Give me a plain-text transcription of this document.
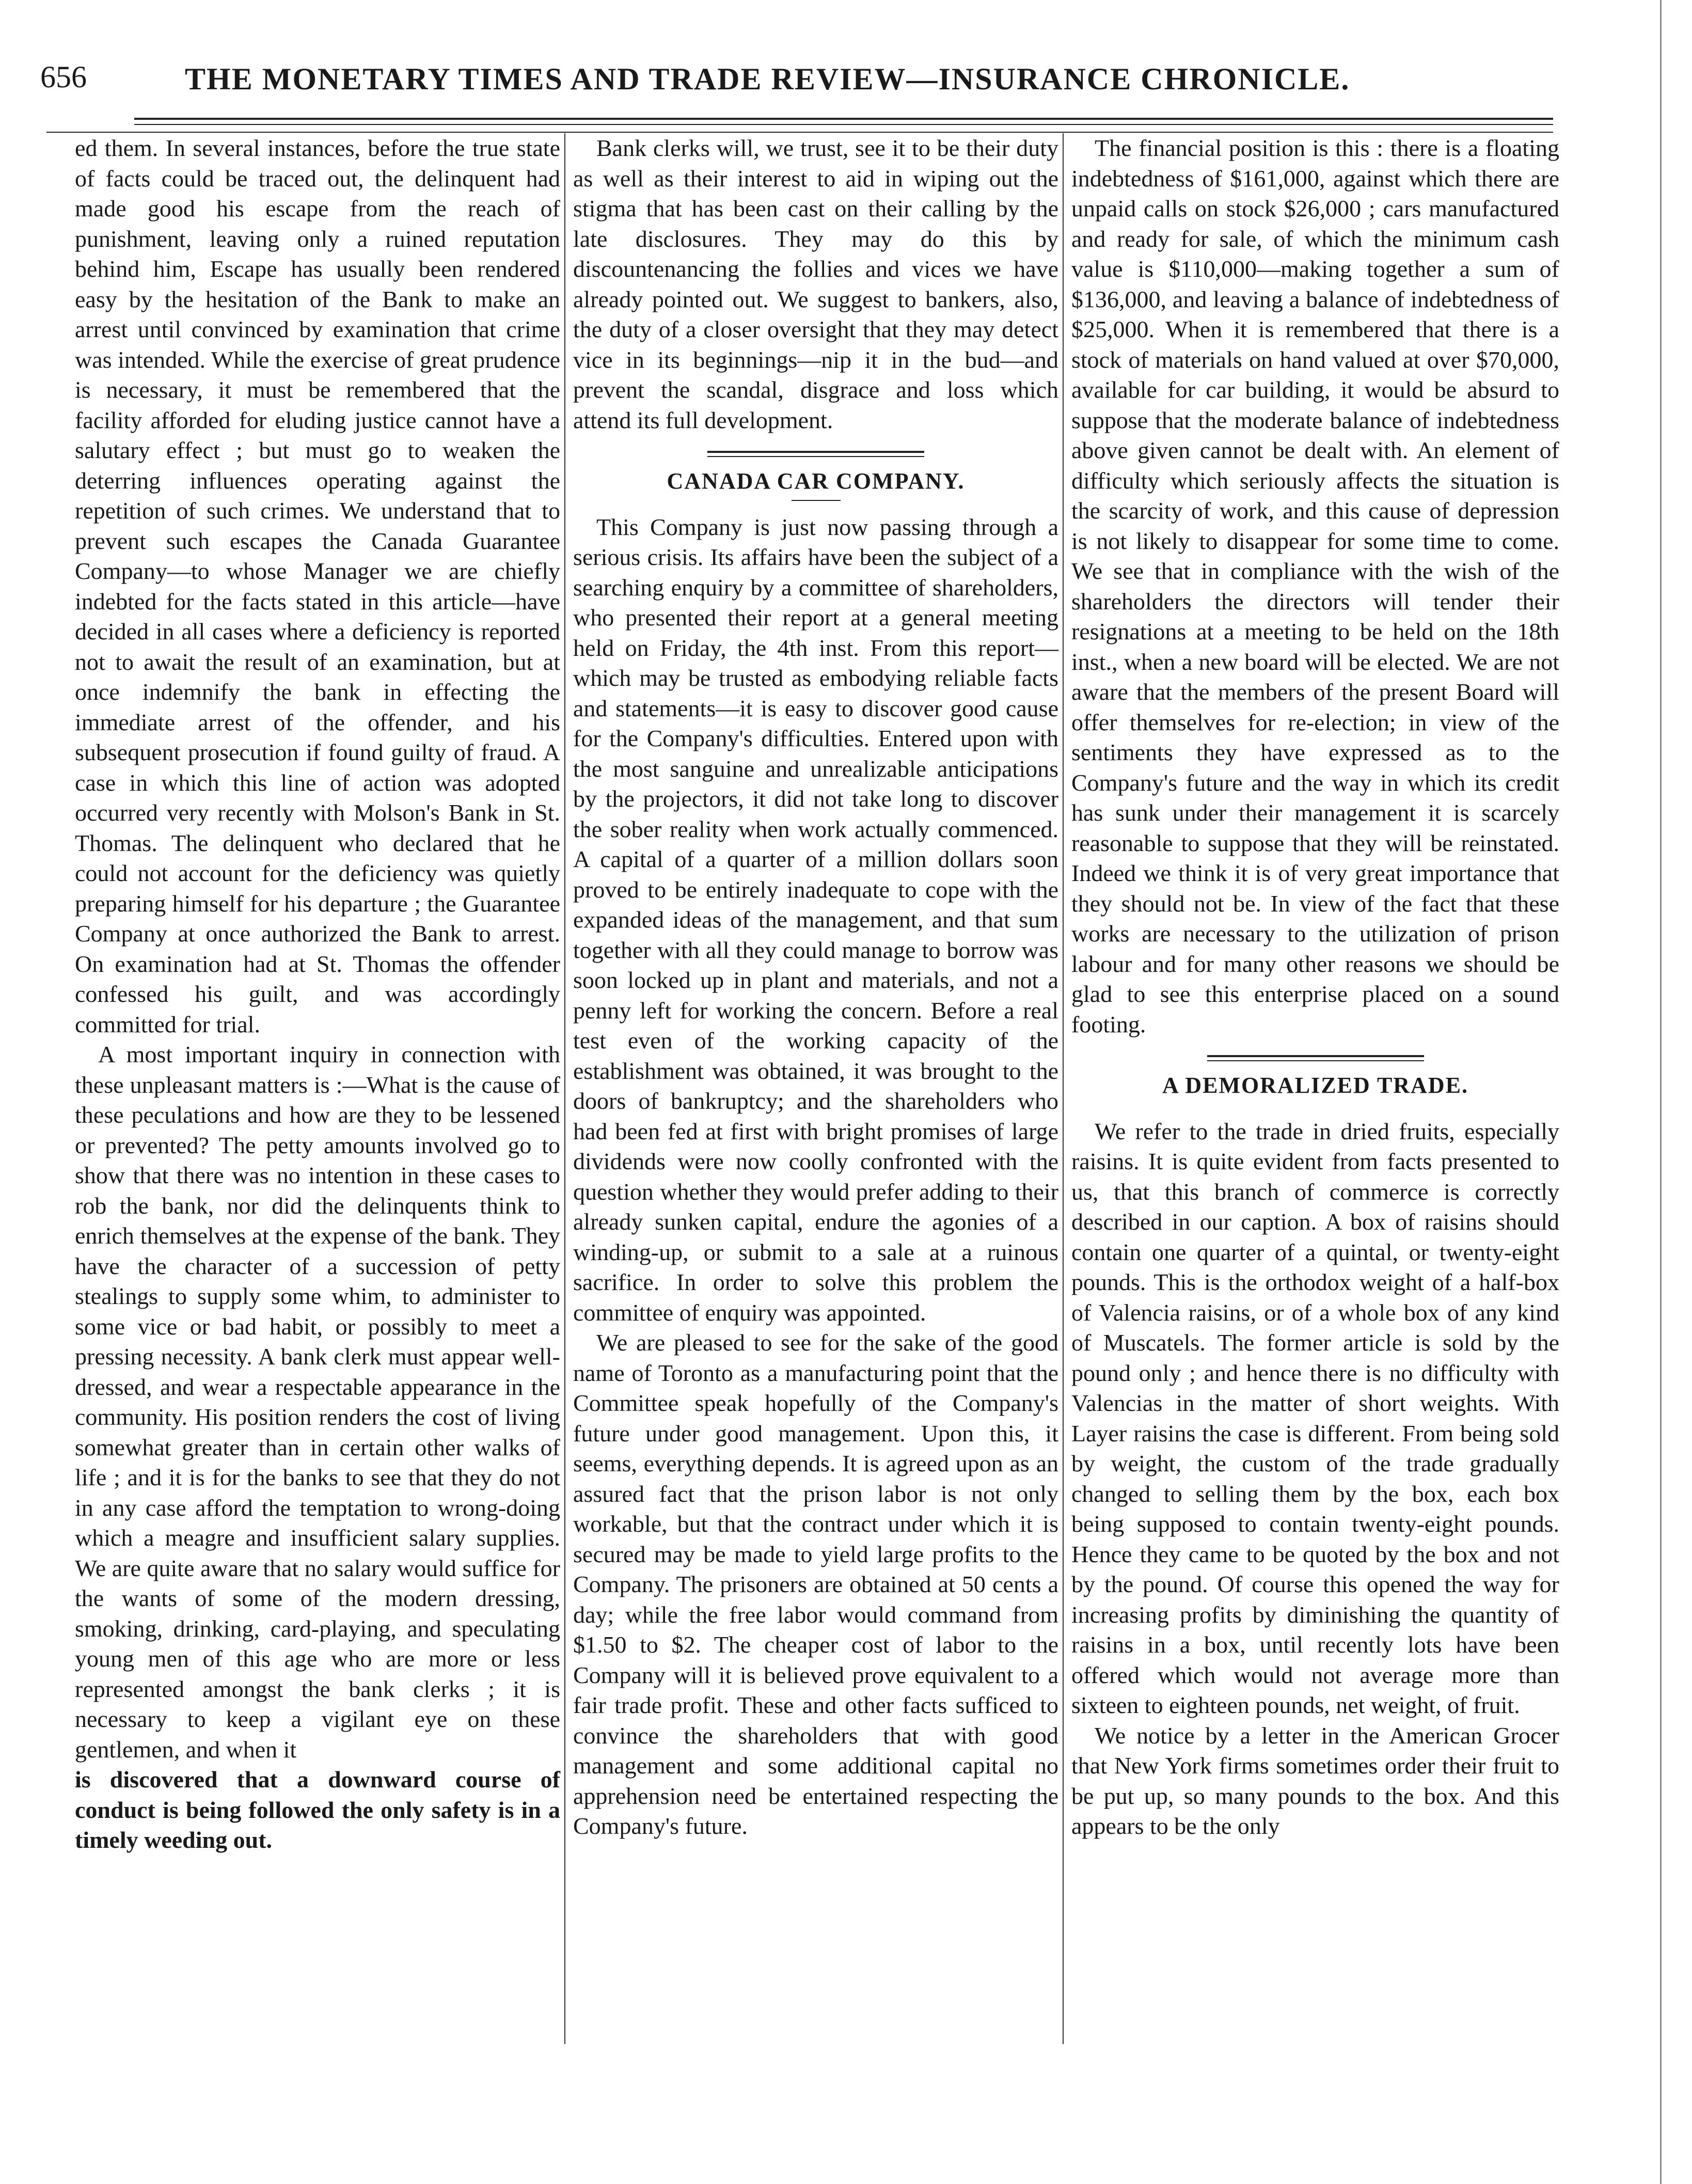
656	THE MONETARY TIMES AND TRADE REVIEW—INSURANCE CHRONICLE.

ed them. In several instances, before the true state of facts could be traced out, the delinquent had made good his escape from the reach of punishment, leaving only a ruined reputation behind him, Escape has usually been rendered easy by the hesitation of the Bank to make an arrest until convinced by examination that crime was intended. While the exercise of great prudence is necessary, it must be remembered that the facility afforded for eluding justice cannot have a salutary effect ; but must go to weaken the deterring influences operating against the repetition of such crimes. We understand that to prevent such escapes the Canada Guarantee Company—to whose Manager we are chiefly indebted for the facts stated in this article—have decided in all cases where a deficiency is reported not to await the result of an examination, but at once indemnify the bank in effecting the immediate arrest of the offender, and his subsequent prosecution if found guilty of fraud. A case in which this line of action was adopted occurred very recently with Molson's Bank in St. Thomas. The delinquent who declared that he could not account for the deficiency was quietly preparing himself for his departure ; the Guarantee Company at once authorized the Bank to arrest. On examination had at St. Thomas the offender confessed his guilt, and was accordingly committed for trial.

A most important inquiry in connection with these unpleasant matters is :—What is the cause of these peculations and how are they to be lessened or prevented? The petty amounts involved go to show that there was no intention in these cases to rob the bank, nor did the delinquents think to enrich themselves at the expense of the bank. They have the character of a succession of petty stealings to supply some whim, to administer to some vice or bad habit, or possibly to meet a pressing necessity. A bank clerk must appear well-dressed, and wear a respectable appearance in the community. His position renders the cost of living somewhat greater than in certain other walks of life ; and it is for the banks to see that they do not in any case afford the temptation to wrong-doing which a meagre and insufficient salary supplies. We are quite aware that no salary would suffice for the wants of some of the modern dressing, smoking, drinking, card-playing, and speculating young men of this age who are more or less represented amongst the bank clerks ; it is necessary to keep a vigilant eye on these gentlemen, and when it

is discovered that a downward course of conduct is being followed the only safety is in a timely weeding out.

Bank clerks will, we trust, see it to be their duty as well as their interest to aid in wiping out the stigma that has been cast on their calling by the late disclosures. They may do this by discountenancing the follies and vices we have already pointed out. We suggest to bankers, also, the duty of a closer oversight that they may detect vice in its beginnings—nip it in the bud—and prevent the scandal, disgrace and loss which attend its full development.

CANADA CAR COMPANY.

This Company is just now passing through a serious crisis. Its affairs have been the subject of a searching enquiry by a committee of shareholders, who presented their report at a general meeting held on Friday, the 4th inst. From this report—which may be trusted as embodying reliable facts and statements—it is easy to discover good cause for the Company's difficulties. Entered upon with the most sanguine and unrealizable anticipations by the projectors, it did not take long to discover the sober reality when work actually commenced. A capital of a quarter of a million dollars soon proved to be entirely inadequate to cope with the expanded ideas of the management, and that sum together with all they could manage to borrow was soon locked up in plant and materials, and not a penny left for working the concern. Before a real test even of the working capacity of the establishment was obtained, it was brought to the doors of bankruptcy; and the shareholders who had been fed at first with bright promises of large dividends were now coolly confronted with the question whether they would prefer adding to their already sunken capital, endure the agonies of a winding-up, or submit to a sale at a ruinous sacrifice. In order to solve this problem the committee of enquiry was appointed.

We are pleased to see for the sake of the good name of Toronto as a manufacturing point that the Committee speak hopefully of the Company's future under good management. Upon this, it seems, everything depends. It is agreed upon as an assured fact that the prison labor is not only workable, but that the contract under which it is secured may be made to yield large profits to the Company. The prisoners are obtained at 50 cents a day; while the free labor would command from $1.50 to $2. The cheaper cost of labor to the Company will it is believed prove equivalent to a fair trade profit. These and other facts sufficed to convince the shareholders that with good management and some additional capital no apprehension need be entertained respecting the Company's future.

The financial position is this : there is a floating indebtedness of $161,000, against which there are unpaid calls on stock $26,000 ; cars manufactured and ready for sale, of which the minimum cash value is $110,000—making together a sum of $136,000, and leaving a balance of indebtedness of $25,000. When it is remembered that there is a stock of materials on hand valued at over $70,000, available for car building, it would be absurd to suppose that the moderate balance of indebtedness above given cannot be dealt with. An element of difficulty which seriously affects the situation is the scarcity of work, and this cause of depression is not likely to disappear for some time to come. We see that in compliance with the wish of the shareholders the directors will tender their resignations at a meeting to be held on the 18th inst., when a new board will be elected. We are not aware that the members of the present Board will offer themselves for re-election; in view of the sentiments they have expressed as to the Company's future and the way in which its credit has sunk under their management it is scarcely reasonable to suppose that they will be reinstated. Indeed we think it is of very great importance that they should not be. In view of the fact that these works are necessary to the utilization of prison labour and for many other reasons we should be glad to see this enterprise placed on a sound footing.

A DEMORALIZED TRADE.

We refer to the trade in dried fruits, especially raisins. It is quite evident from facts presented to us, that this branch of commerce is correctly described in our caption. A box of raisins should contain one quarter of a quintal, or twenty-eight pounds. This is the orthodox weight of a half-box of Valencia raisins, or of a whole box of any kind of Muscatels. The former article is sold by the pound only ; and hence there is no difficulty with Valencias in the matter of short weights. With Layer raisins the case is different. From being sold by weight, the custom of the trade gradually changed to selling them by the box, each box being supposed to contain twenty-eight pounds. Hence they came to be quoted by the box and not by the pound. Of course this opened the way for increasing profits by diminishing the quantity of raisins in a box, until recently lots have been offered which would not average more than sixteen to eighteen pounds, net weight, of fruit.

We notice by a letter in the American Grocer that New York firms sometimes order their fruit to be put up, so many pounds to the box. And this appears to be the only
